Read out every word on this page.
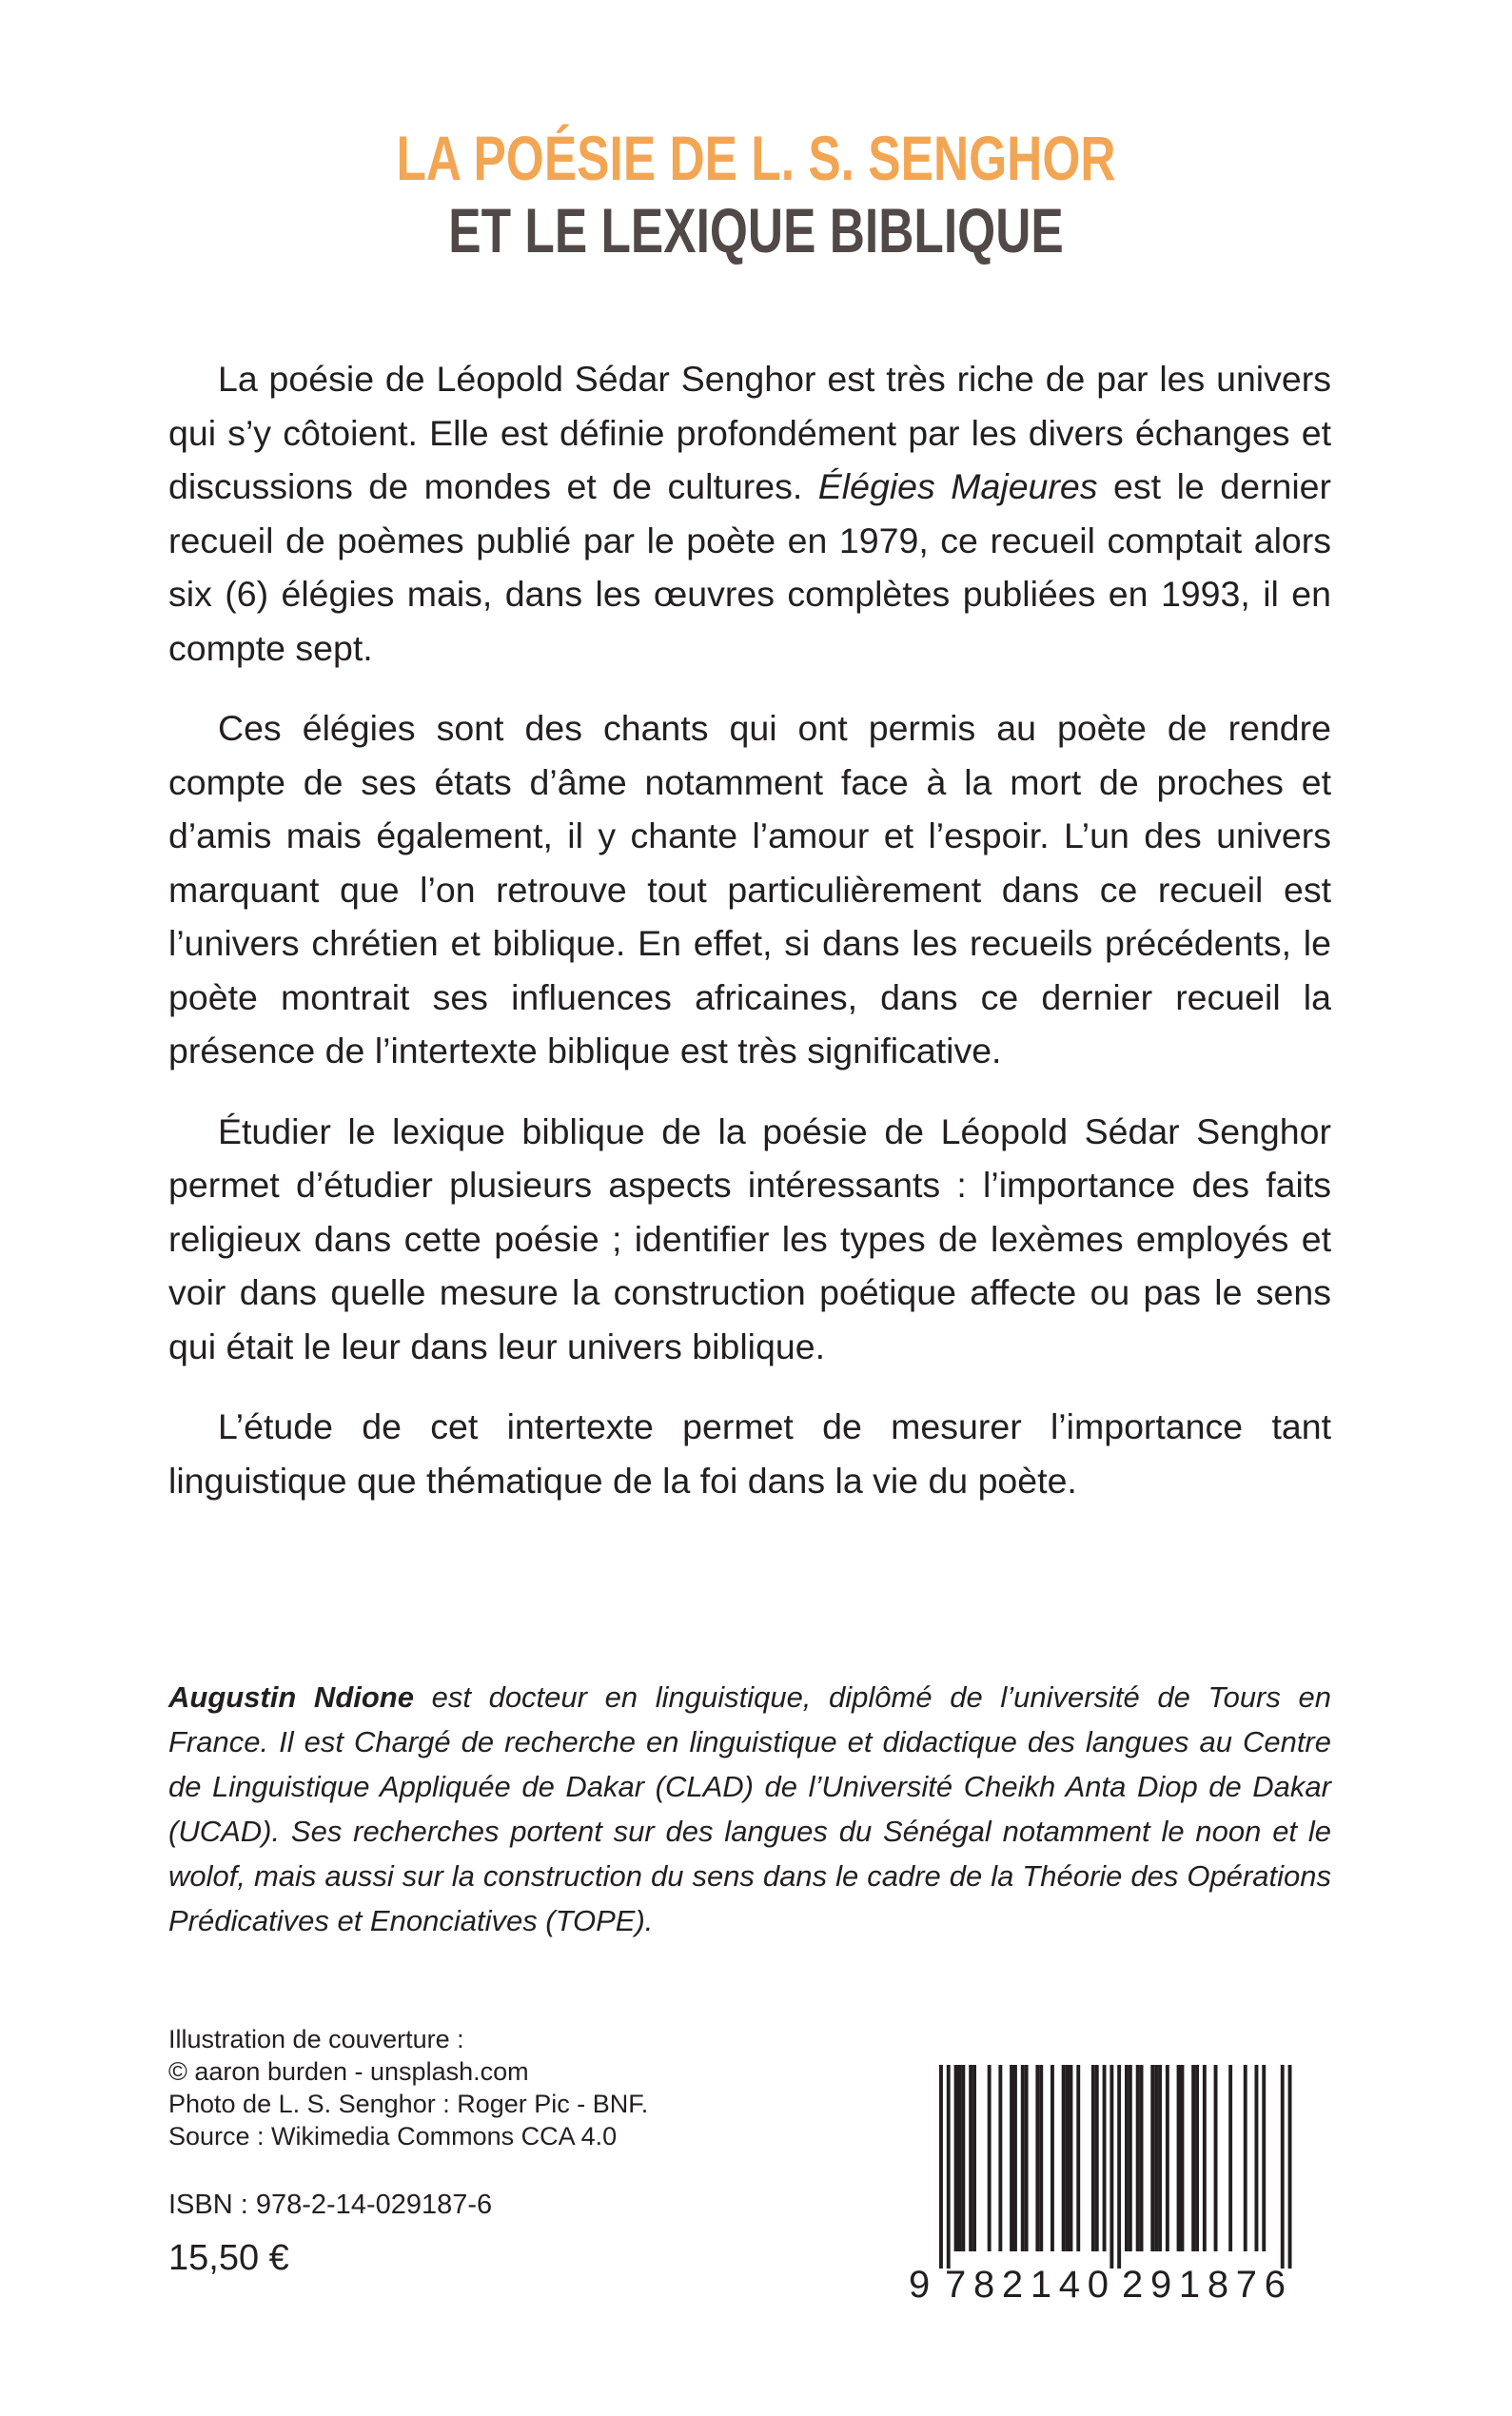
LA POÉSIE DE L. S. SENGHOR
ET LE LEXIQUE BIBLIQUE

La poésie de Léopold Sédar Senghor est très riche de par les univers qui s’y côtoient. Elle est définie profondément par les divers échanges et discussions de mondes et de cultures. Élégies Majeures est le dernier recueil de poèmes publié par le poète en 1979, ce recueil comptait alors six (6) élégies mais, dans les œuvres complètes publiées en 1993, il en compte sept.

Ces élégies sont des chants qui ont permis au poète de rendre compte de ses états d’âme notamment face à la mort de proches et d’amis mais également, il y chante l’amour et l’espoir. L’un des univers marquant que l’on retrouve tout particulièrement dans ce recueil est l’univers chrétien et biblique. En effet, si dans les recueils précédents, le poète montrait ses influences africaines, dans ce dernier recueil la présence de l’intertexte biblique est très significative.

Étudier le lexique biblique de la poésie de Léopold Sédar Senghor permet d’étudier plusieurs aspects intéressants : l’importance des faits religieux dans cette poésie ; identifier les types de lexèmes employés et voir dans quelle mesure la construction poétique affecte ou pas le sens qui était le leur dans leur univers biblique.

L’étude de cet intertexte permet de mesurer l’importance tant linguistique que thématique de la foi dans la vie du poète.

Augustin Ndione est docteur en linguistique, diplômé de l’université de Tours en France. Il est Chargé de recherche en linguistique et didactique des langues au Centre de Linguistique Appliquée de Dakar (CLAD) de l’Université Cheikh Anta Diop de Dakar (UCAD). Ses recherches portent sur des langues du Sénégal notamment le noon et le wolof, mais aussi sur la construction du sens dans le cadre de la Théorie des Opérations Prédicatives et Enonciatives (TOPE).
Illustration de couverture :
© aaron burden - unsplash.com
Photo de L. S. Senghor : Roger Pic - BNF.
Source : Wikimedia Commons CCA 4.0
ISBN : 978-2-14-029187-6
15,50 €
9 782140 291876
